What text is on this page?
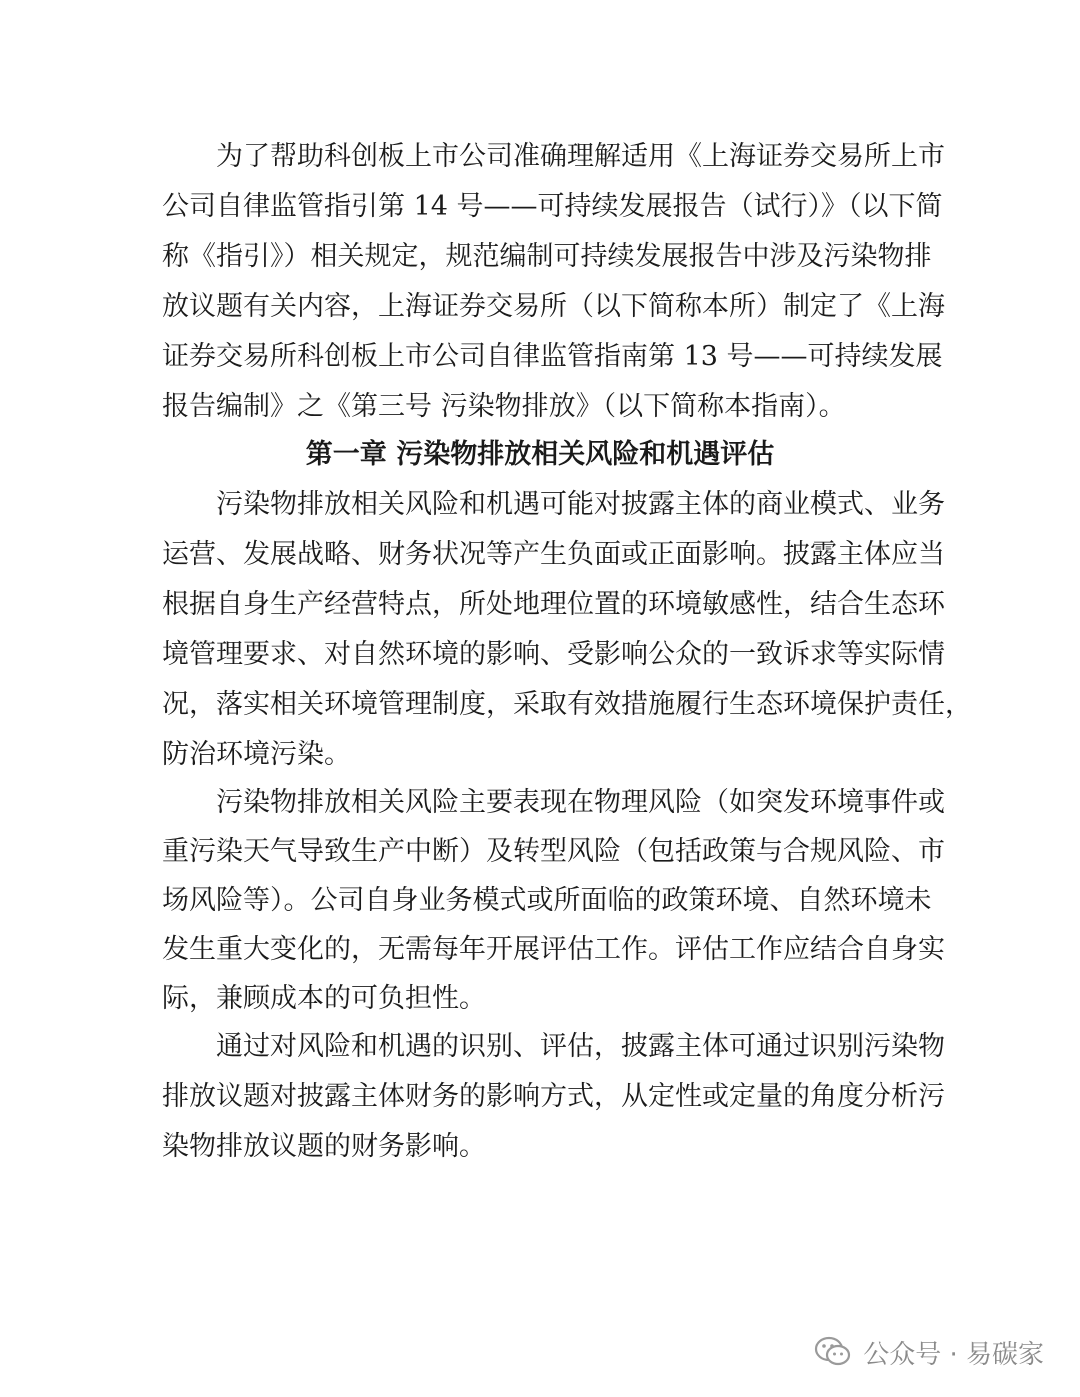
为了帮助科创板上市公司准确理解适用《上海证券交易所上市
公司自律监管指引第 14 号——可持续发展报告（试行）》（以下简
称《指引》）相关规定，规范编制可持续发展报告中涉及污染物排
放议题有关内容，上海证券交易所（以下简称本所）制定了《上海
证券交易所科创板上市公司自律监管指南第 13 号——可持续发展
报告编制》之《第三号 污染物排放》（以下简称本指南）。
第一章 污染物排放相关风险和机遇评估
污染物排放相关风险和机遇可能对披露主体的商业模式、业务
运营、发展战略、财务状况等产生负面或正面影响。披露主体应当
根据自身生产经营特点，所处地理位置的环境敏感性，结合生态环
境管理要求、对自然环境的影响、受影响公众的一致诉求等实际情
况，落实相关环境管理制度，采取有效措施履行生态环境保护责任，
防治环境污染。
污染物排放相关风险主要表现在物理风险（如突发环境事件或
重污染天气导致生产中断）及转型风险（包括政策与合规风险、市
场风险等）。公司自身业务模式或所面临的政策环境、自然环境未
发生重大变化的，无需每年开展评估工作。评估工作应结合自身实
际，兼顾成本的可负担性。
通过对风险和机遇的识别、评估，披露主体可通过识别污染物
排放议题对披露主体财务的影响方式，从定性或定量的角度分析污
染物排放议题的财务影响。
公众号 · 易碳家
